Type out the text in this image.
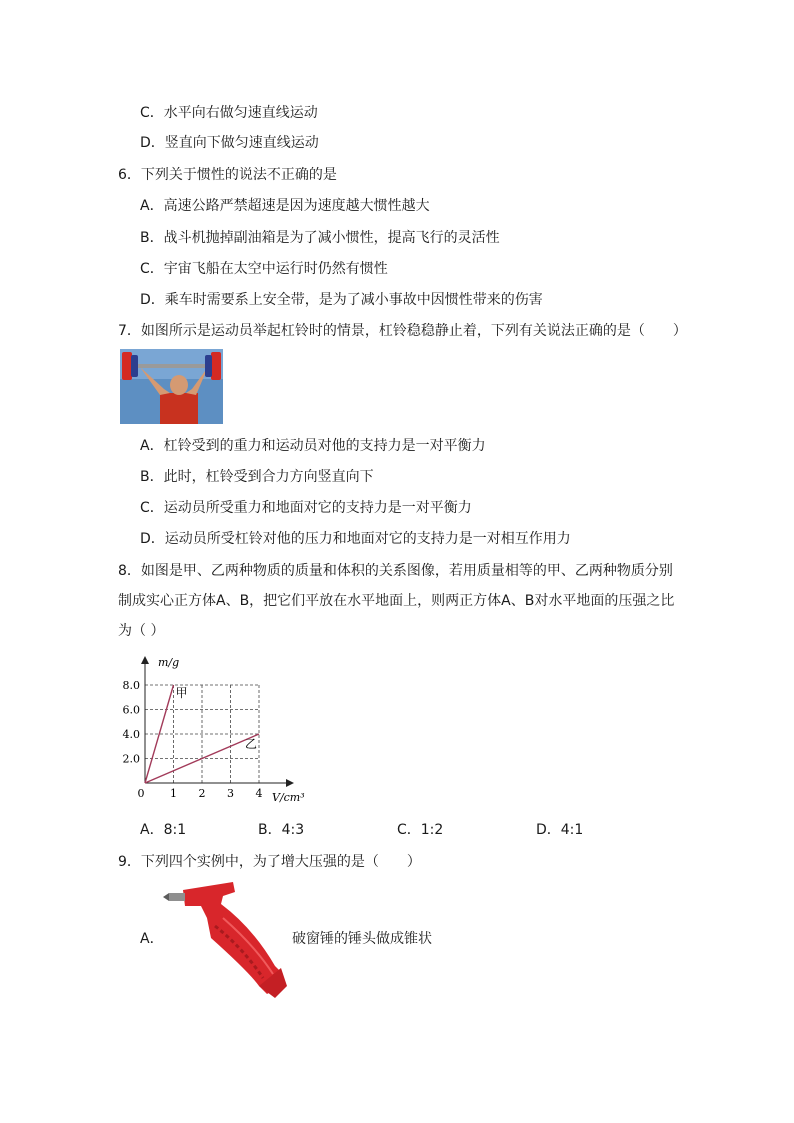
C．水平向右做匀速直线运动
D．竖直向下做匀速直线运动
6．下列关于惯性的说法不正确的是
A．高速公路严禁超速是因为速度越大惯性越大
B．战斗机抛掉副油箱是为了减小惯性，提高飞行的灵活性
C．宇宙飞船在太空中运行时仍然有惯性
D．乘车时需要系上安全带，是为了减小事故中因惯性带来的伤害
7．如图所示是运动员举起杠铃时的情景，杠铃稳稳静止着，下列有关说法正确的是（　　）
A．杠铃受到的重力和运动员对他的支持力是一对平衡力
B．此时，杠铃受到合力方向竖直向下
C．运动员所受重力和地面对它的支持力是一对平衡力
D．运动员所受杠铃对他的压力和地面对它的支持力是一对相互作用力
8．如图是甲、乙两种物质的质量和体积的关系图像，若用质量相等的甲、乙两种物质分别制成实心正方体A、B，把它们平放在水平地面上，则两正方体A、B对水平地面的压强之比为（ ）
0 1 2 3 4
2.0
4.0
6.0
8.0
甲
乙
m/g
V/cm³
A．8:1	B．4:3	C．1:2	D．4:1
9．下列四个实例中，为了增大压强的是（　　）
A．	破窗锤的锤头做成锥状
